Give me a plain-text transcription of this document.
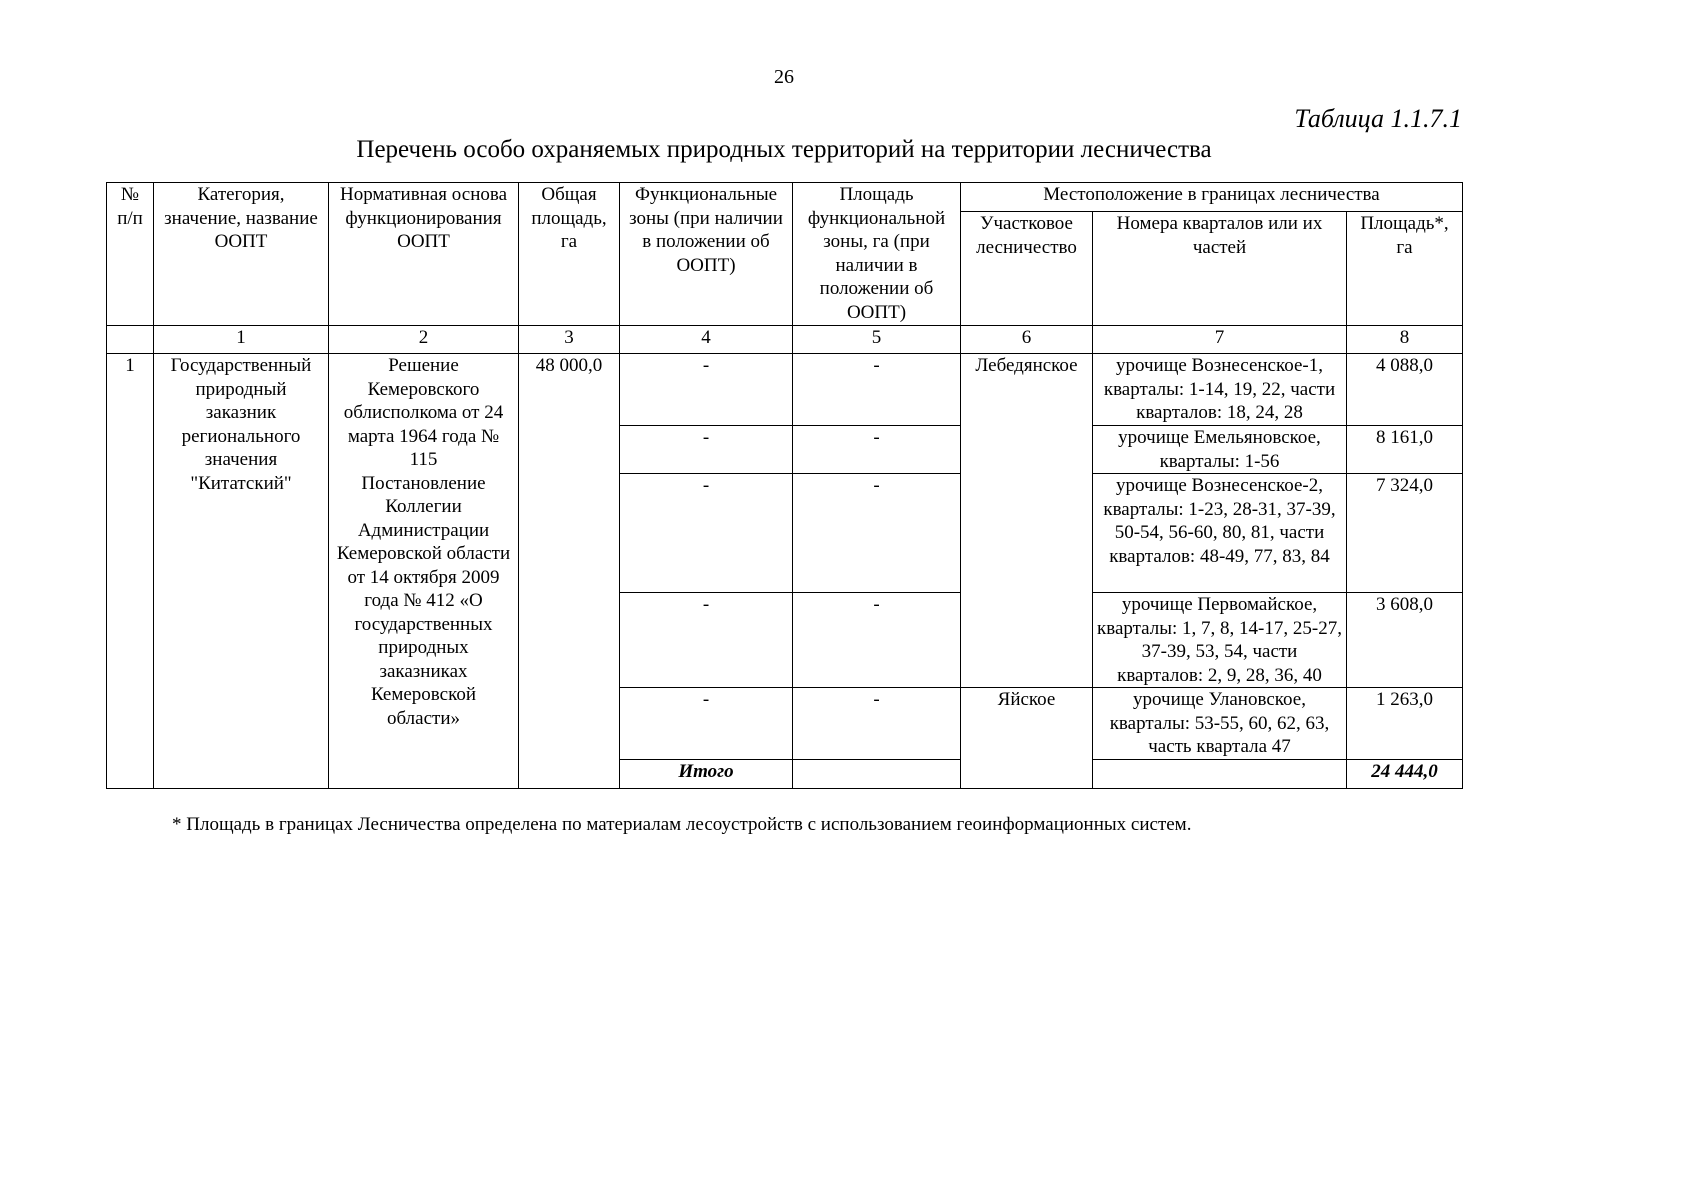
26
Таблица 1.1.7.1
Перечень особо охраняемых природных территорий на территории лесничества
№ п/п	Категория, значение, название ООПТ	Нормативная основа функционирования ООПТ	Общая площадь, га	Функциональные зоны (при наличии в положении об ООПТ)	Площадь функциональной зоны, га (при наличии в положении об ООПТ)	Местоположение в границах лесничества		
						Участковое лесничество	Номера кварталов или их частей	Площадь*, га
	1	2	3	4	5	6	7	8
1	Государственный природный заказник регионального значения "Китатский"	Решение Кемеровского облисполкома от 24 марта 1964 года № 115
Постановление Коллегии Администрации Кемеровской области от 14 октября 2009 года № 412 «О государственных природных заказниках Кемеровской области»	48 000,0	-	-	Лебедянское	урочище Вознесенское-1, кварталы: 1-14, 19, 22, части кварталов: 18, 24, 28	4 088,0
				-	-		урочище Емельяновское, кварталы: 1-56	8 161,0
				-	-		урочище Вознесенское-2, кварталы: 1-23, 28-31, 37-39, 50-54, 56-60, 80, 81, части кварталов: 48-49, 77, 83, 84	7 324,0
				-	-		урочище Первомайское, кварталы: 1, 7, 8, 14-17, 25-27, 37-39, 53, 54, части кварталов: 2, 9, 28, 36, 40	3 608,0
				-	-	Яйское	урочище Улановское, кварталы: 53-55, 60, 62, 63, часть квартала 47	1 263,0
				Итого				24 444,0
* Площадь в границах Лесничества определена по материалам лесоустройств с использованием геоинформационных систем.
